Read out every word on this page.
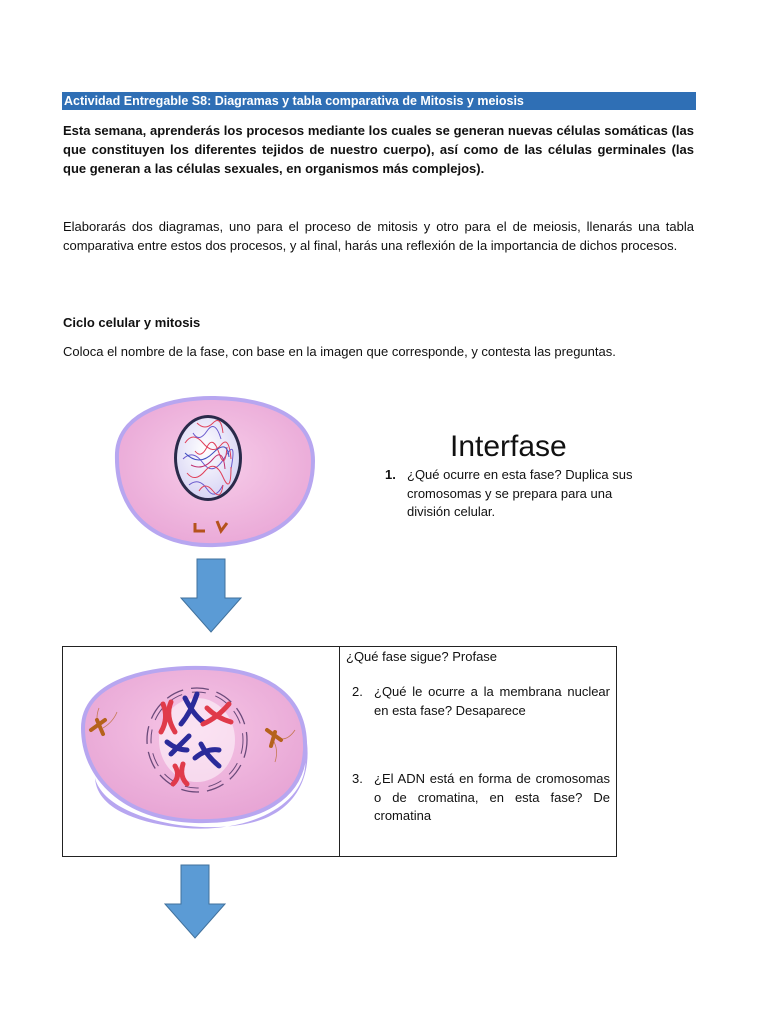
Actividad Entregable S8: Diagramas y tabla comparativa de Mitosis y meiosis
Esta semana, aprenderás los procesos mediante los cuales se generan nuevas células somáticas (las que constituyen los diferentes tejidos de nuestro cuerpo), así como de las células germinales (las que generan a las células sexuales, en organismos más complejos).
Elaborarás dos diagramas, uno para el proceso de mitosis y otro para el de meiosis, llenarás una tabla comparativa entre estos dos procesos, y al final, harás una reflexión de la importancia de dichos procesos.
Ciclo celular y mitosis
Coloca el nombre de la fase, con base en la imagen que corresponde, y contesta las preguntas.
Interfase
1. ¿Qué ocurre en esta fase? Duplica sus cromosomas y se prepara para una división celular.
¿Qué fase sigue? Profase
2. ¿Qué le ocurre a la membrana nuclear en esta fase? Desaparece
3. ¿El ADN está en forma de cromosomas o de cromatina, en esta fase? De cromatina
